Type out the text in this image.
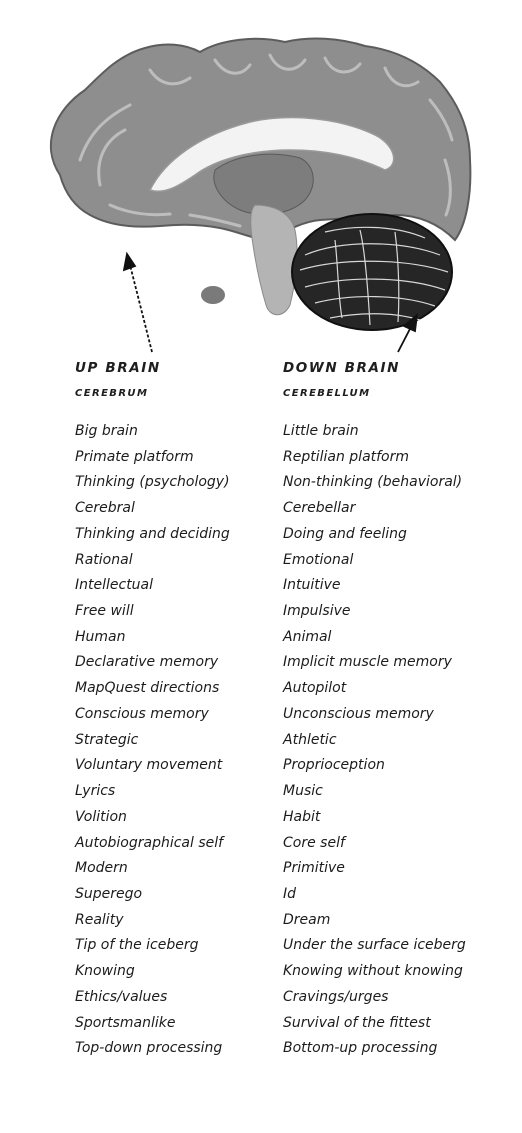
UP BRAIN
CEREBRUM
Big brain
Primate platform
Thinking (psychology)
Cerebral
Thinking and deciding
Rational
Intellectual
Free will
Human
Declarative memory
MapQuest directions
Conscious memory
Strategic
Voluntary movement
Lyrics
Volition
Autobiographical self
Modern
Superego
Reality
Tip of the iceberg
Knowing
Ethics/values
Sportsmanlike
Top-down processing
DOWN BRAIN
CEREBELLUM
Little brain
Reptilian platform
Non-thinking (behavioral)
Cerebellar
Doing and feeling
Emotional
Intuitive
Impulsive
Animal
Implicit muscle memory
Autopilot
Unconscious memory
Athletic
Proprioception
Music
Habit
Core self
Primitive
Id
Dream
Under the surface iceberg
Knowing without knowing
Cravings/urges
Survival of the fittest
Bottom-up processing
